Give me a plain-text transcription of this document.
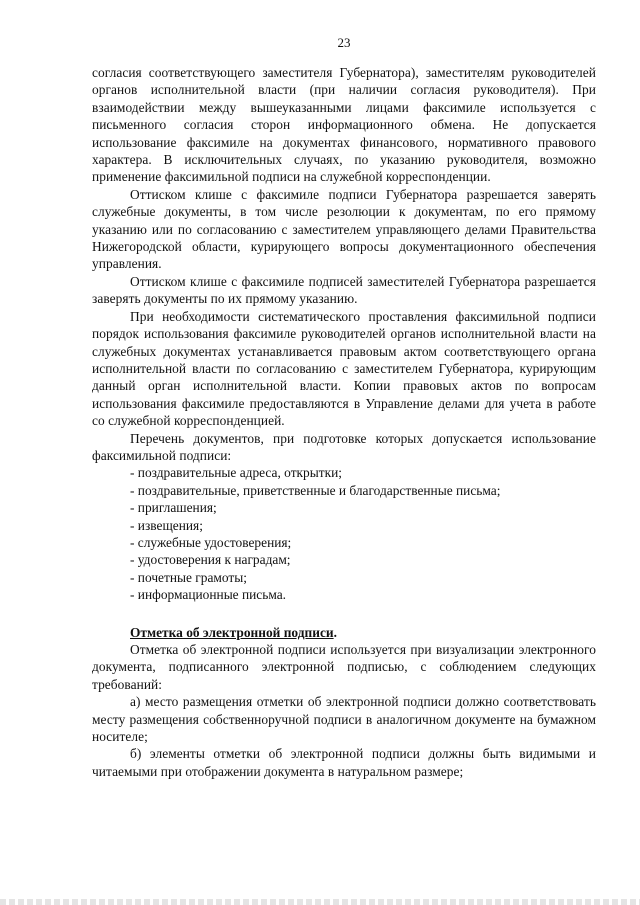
23

согласия соответствующего заместителя Губернатора), заместителям руководителей органов исполнительной власти (при наличии согласия руководителя). При взаимодействии между вышеуказанными лицами факсимиле используется с письменного согласия сторон информационного обмена. Не допускается использование факсимиле на документах финансового, нормативного правового характера. В исключительных случаях, по указанию руководителя, возможно применение факсимильной подписи на служебной корреспонденции.

Оттиском клише с факсимиле подписи Губернатора разрешается заверять служебные документы, в том числе резолюции к документам, по его прямому указанию или по согласованию с заместителем управляющего делами Правительства Нижегородской области, курирующего вопросы документационного обеспечения управления.

Оттиском клише с факсимиле подписей заместителей Губернатора разрешается заверять документы по их прямому указанию.

При необходимости систематического проставления факсимильной подписи порядок использования факсимиле руководителей органов исполнительной власти на служебных документах устанавливается правовым актом соответствующего органа исполнительной власти по согласованию с заместителем Губернатора, курирующим данный орган исполнительной власти. Копии правовых актов по вопросам использования факсимиле предоставляются в Управление делами для учета в работе со служебной корреспонденцией.

Перечень документов, при подготовке которых допускается использование факсимильной подписи:

- поздравительные адреса, открытки;
- поздравительные, приветственные и благодарственные письма;
- приглашения;
- извещения;
- служебные удостоверения;
- удостоверения к наградам;
- почетные грамоты;
- информационные письма.
Отметка об электронной подписи.

Отметка об электронной подписи используется при визуализации электронного документа, подписанного электронной подписью, с соблюдением следующих требований:

а) место размещения отметки об электронной подписи должно соответствовать месту размещения собственноручной подписи в аналогичном документе на бумажном носителе;

б) элементы отметки об электронной подписи должны быть видимыми и читаемыми при отображении документа в натуральном размере;
